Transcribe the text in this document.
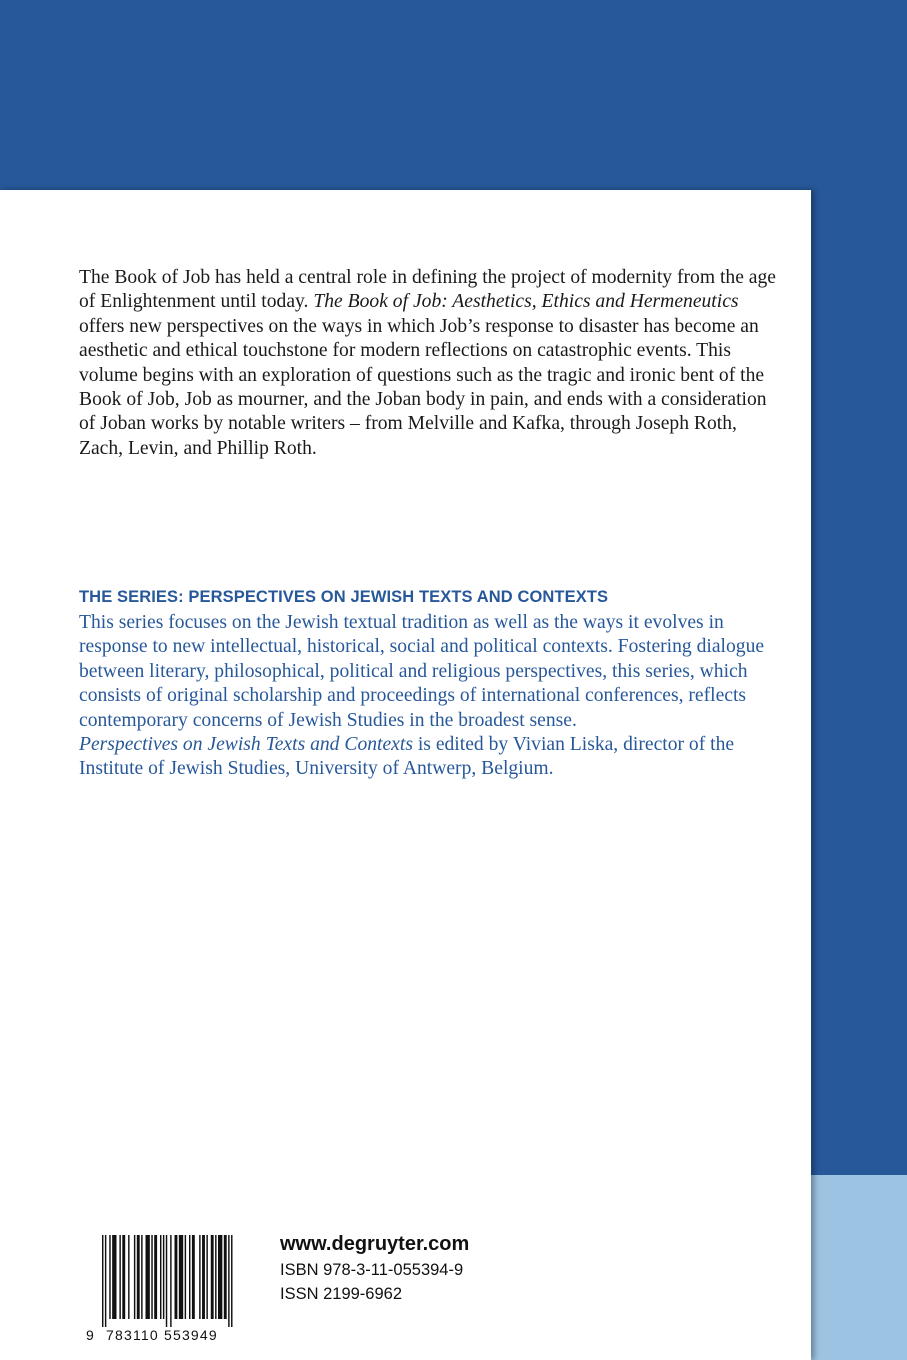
The Book of Job has held a central role in defining the project of modernity from the age of Enlightenment until today. The Book of Job: Aesthetics, Ethics and Hermeneutics offers new perspectives on the ways in which Job’s response to disaster has become an aesthetic and ethical touchstone for modern reflections on catastrophic events. This volume begins with an exploration of questions such as the tragic and ironic bent of the Book of Job, Job as mourner, and the Joban body in pain, and ends with a consideration of Joban works by notable writers – from Melville and Kafka, through Joseph Roth, Zach, Levin, and Phillip Roth.

THE SERIES: PERSPECTIVES ON JEWISH TEXTS AND CONTEXTS

This series focuses on the Jewish textual tradition as well as the ways it evolves in response to new intellectual, historical, social and political contexts. Fostering dialogue between literary, philosophical, political and religious perspectives, this series, which consists of original scholarship and proceedings of international conferences, reflects contemporary concerns of Jewish Studies in the broadest sense.
Perspectives on Jewish Texts and Contexts is edited by Vivian Liska, director of the Institute of Jewish Studies, University of Antwerp, Belgium.

9 783110 553949
www.degruyter.com
ISBN 978-3-11-055394-9
ISSN 2199-6962
